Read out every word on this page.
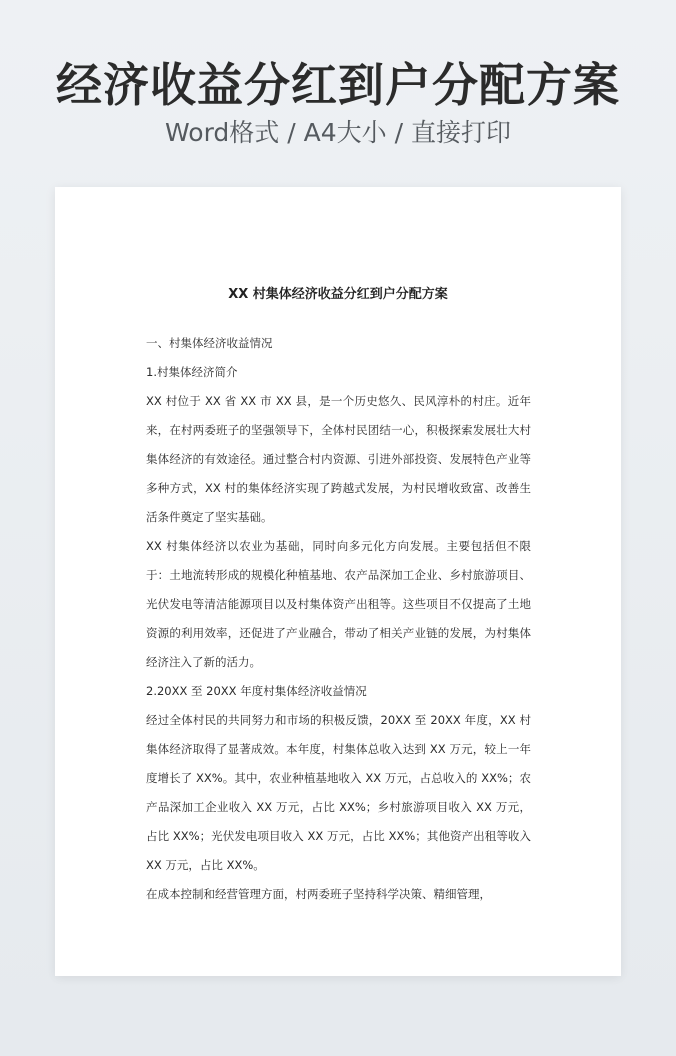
经济收益分红到户分配方案
Word格式 / A4大小 / 直接打印
XX 村集体经济收益分红到户分配方案

一、村集体经济收益情况

1.村集体经济简介

XX 村位于 XX 省 XX 市 XX 县，是一个历史悠久、民风淳朴的村庄。近年来，在村两委班子的坚强领导下，全体村民团结一心，积极探索发展壮大村集体经济的有效途径。通过整合村内资源、引进外部投资、发展特色产业等多种方式，XX 村的集体经济实现了跨越式发展，为村民增收致富、改善生活条件奠定了坚实基础。

XX 村集体经济以农业为基础，同时向多元化方向发展。主要包括但不限于：土地流转形成的规模化种植基地、农产品深加工企业、乡村旅游项目、光伏发电等清洁能源项目以及村集体资产出租等。这些项目不仅提高了土地资源的利用效率，还促进了产业融合，带动了相关产业链的发展，为村集体经济注入了新的活力。

2.20XX 至 20XX 年度村集体经济收益情况

经过全体村民的共同努力和市场的积极反馈，20XX 至 20XX 年度，XX 村集体经济取得了显著成效。本年度，村集体总收入达到 XX 万元，较上一年度增长了 XX%。其中，农业种植基地收入 XX 万元，占总收入的 XX%；农产品深加工企业收入 XX 万元，占比 XX%；乡村旅游项目收入 XX 万元，占比 XX%；光伏发电项目收入 XX 万元，占比 XX%；其他资产出租等收入 XX 万元，占比 XX%。

在成本控制和经营管理方面，村两委班子坚持科学决策、精细管理，
